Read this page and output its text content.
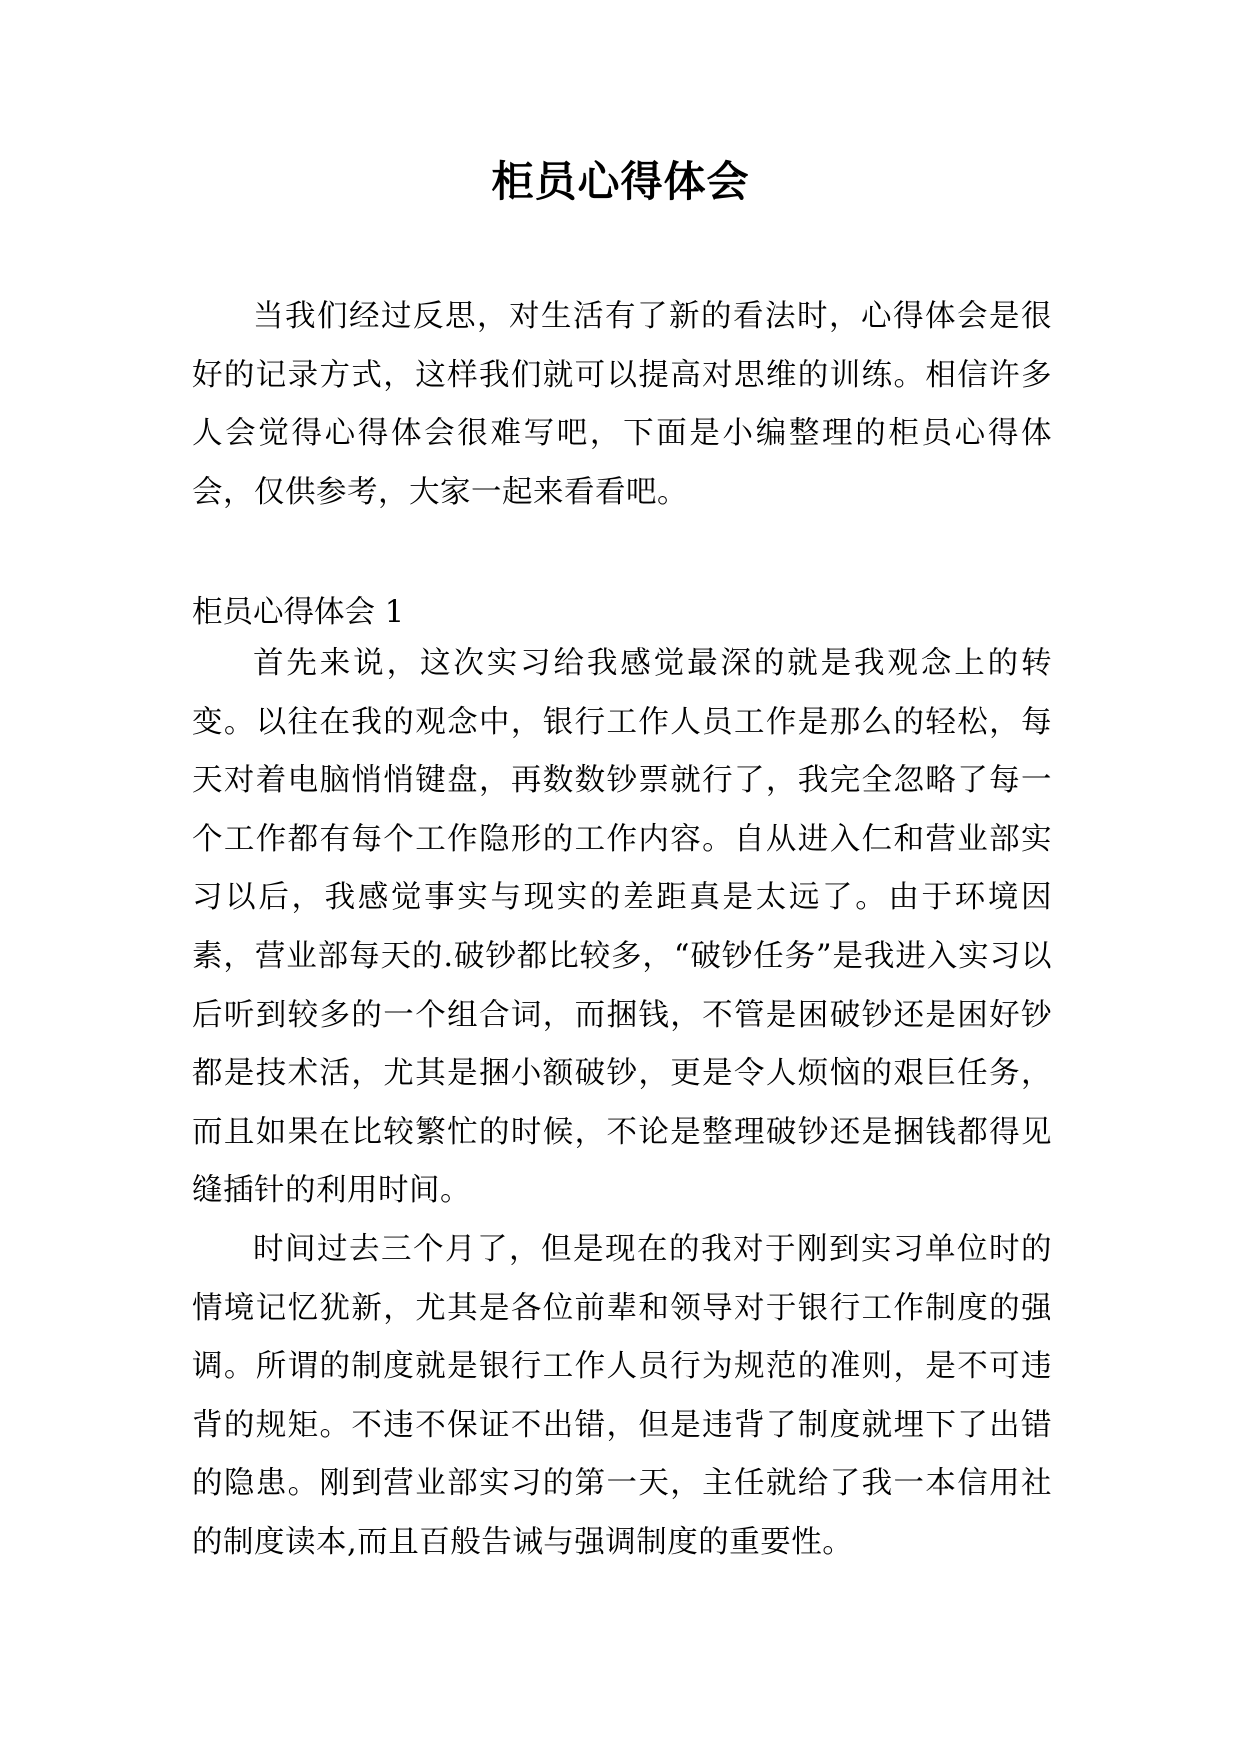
柜员心得体会

当我们经过反思，对生活有了新的看法时，心得体会是很好的记录方式，这样我们就可以提高对思维的训练。相信许多人会觉得心得体会很难写吧，下面是小编整理的柜员心得体会，仅供参考，大家一起来看看吧。

柜员心得体会 1

首先来说，这次实习给我感觉最深的就是我观念上的转变。以往在我的观念中，银行工作人员工作是那么的轻松，每天对着电脑悄悄键盘，再数数钞票就行了，我完全忽略了每一个工作都有每个工作隐形的工作内容。自从进入仁和营业部实习以后，我感觉事实与现实的差距真是太远了。由于环境因素，营业部每天的.破钞都比较多，“破钞任务”是我进入实习以后听到较多的一个组合词，而捆钱，不管是困破钞还是困好钞都是技术活，尤其是捆小额破钞，更是令人烦恼的艰巨任务，而且如果在比较繁忙的时候，不论是整理破钞还是捆钱都得见缝插针的利用时间。

时间过去三个月了，但是现在的我对于刚到实习单位时的情境记忆犹新，尤其是各位前辈和领导对于银行工作制度的强调。所谓的制度就是银行工作人员行为规范的准则，是不可违背的规矩。不违不保证不出错，但是违背了制度就埋下了出错的隐患。刚到营业部实习的第一天，主任就给了我一本信用社的制度读本,而且百般告诫与强调制度的重要性。
